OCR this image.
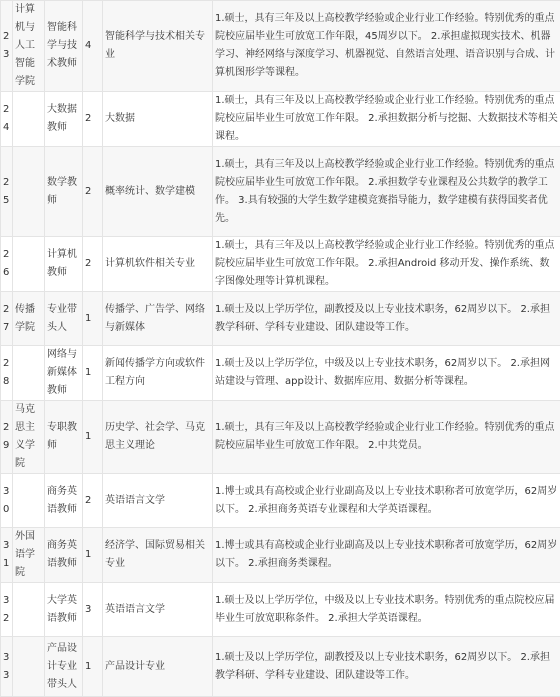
23	计算机与人工智能学院	智能科学与技术教师	4	智能科学与技术相关专业	1.硕士，具有三年及以上高校教学经验或企业行业工作经验。特别优秀的重点院校应届毕业生可放宽工作年限，45周岁以下。 2.承担虚拟现实技术、机器学习、神经网络与深度学习、机器视觉、自然语言处理、语音识别与合成、计算机图形学等课程。
24		大数据教师	2	大数据	1.硕士，具有三年及以上高校教学经验或企业行业工作经验。特别优秀的重点院校应届毕业生可放宽工作年限。 2.承担数据分析与挖掘、大数据技术等相关课程。
25		数学教师	2	概率统计、数学建模	1.硕士，具有三年及以上高校教学经验或企业行业工作经验。特别优秀的重点院校应届毕业生可放宽工作年限。 2.承担数学专业课程及公共数学的教学工作。 3.具有较强的大学生数学建模竞赛指导能力，数学建模有获得国奖者优先。
26		计算机教师	2	计算机软件相关专业	1.硕士，具有三年及以上高校教学经验或企业行业工作经验。特别优秀的重点院校应届毕业生可放宽工作年限。 2.承担Android 移动开发、操作系统、数字图像处理等计算机课程。
27	传播学院	专业带头人	1	传播学、广告学、网络与新媒体	1.硕士及以上学历学位，副教授及以上专业技术职务，62周岁以下。 2.承担教学科研、学科专业建设、团队建设等工作。
28		网络与新媒体教师	1	新闻传播学方向或软件工程方向	1.硕士及以上学历学位，中级及以上专业技术职务，62周岁以下。 2.承担网站建设与管理、app设计、数据库应用、数据分析等课程。
29	马克思主义学院	专职教师	1	历史学、社会学、马克思主义理论	1.硕士，具有三年及以上高校教学经验或企业行业工作经验。特别优秀的重点院校应届毕业生可放宽工作年限。 2.中共党员。
30		商务英语教师	2	英语语言文学	1.博士或具有高校或企业行业副高及以上专业技术职称者可放宽学历，62周岁以下。 2.承担商务英语专业课程和大学英语课程。
31	外国语学院	商务英语教师	1	经济学、国际贸易相关专业	1.博士或具有高校或企业行业副高及以上专业技术职称者可放宽学历，62周岁以下。 2.承担商务类课程。
32		大学英语教师	3	英语语言文学	1.硕士及以上学历学位，中级及以上专业技术职务。特别优秀的重点院校应届毕业生可放宽职称条件。 2.承担大学英语课程。
33		产品设计专业带头人	1	产品设计专业	1.硕士及以上学历学位，副教授及以上专业技术职务，62周岁以下。 2.承担教学科研、学科专业建设、团队建设等工作。
